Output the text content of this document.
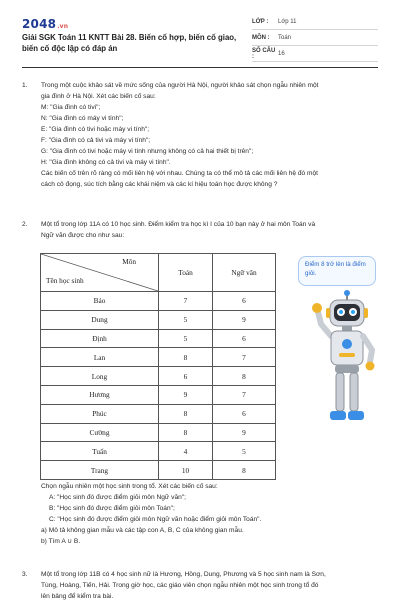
2048.vn
Giải SGK Toán 11 KNTT Bài 28. Biến cố hợp, biến cố giao, biến cố độc lập có đáp án
LỚP :	Lớp 11
MÔN :	Toán
SỐ CÂU :	16
1. Trong một cuộc khảo sát về mức sống của người Hà Nội, người khảo sát chọn ngẫu nhiên một

gia đình ở Hà Nội. Xét các biến cố sau:

M: "Gia đình có tivi";

N: "Gia đình có máy vi tính";

E: "Gia đình có tivi hoặc máy vi tính";

F: "Gia đình có cả tivi và máy vi tính";

G: "Gia đình có tivi hoặc máy vi tính nhưng không có cả hai thiết bị trên";

H: "Gia đình không có cả tivi và máy vi tính".

Các biến cố trên rõ ràng có mối liên hệ với nhau. Chúng ta có thể mô tả các mối liên hệ đó một

cách cô đọng, súc tích bằng các khái niệm và các kí hiệu toán học được không ?

2. Một tổ trong lớp 11A có 10 học sinh. Điểm kiểm tra học kì I của 10 bạn này ở hai môn Toán và

Ngữ văn được cho như sau:

Môn
Tên học sinh	Toán	Ngữ văn
Bảo	7	6
Dung	5	9
Định	5	6
Lan	8	7
Long	6	8
Hương	9	7
Phúc	8	6
Cường	8	9
Tuấn	4	5
Trang	10	8
Điểm 8 trở lên là điểm giỏi.

Chọn ngẫu nhiên một học sinh trong tổ. Xét các biến cố sau:

A: "Học sinh đó được điểm giỏi môn Ngữ văn";

B: "Học sinh đó được điểm giỏi môn Toán";

C: "Học sinh đó được điểm giỏi môn Ngữ văn hoặc điểm giỏi môn Toán".

a) Mô tả không gian mẫu và các tập con A, B, C của không gian mẫu.

b) Tìm A ∪ B.

3. Một tổ trong lớp 11B có 4 học sinh nữ là Hương, Hồng, Dung, Phương và 5 học sinh nam là Sơn,

Tùng, Hoàng, Tiến, Hải. Trong giờ học, các giáo viên chọn ngẫu nhiên một học sinh trong tổ đó

lên bảng để kiểm tra bài.
